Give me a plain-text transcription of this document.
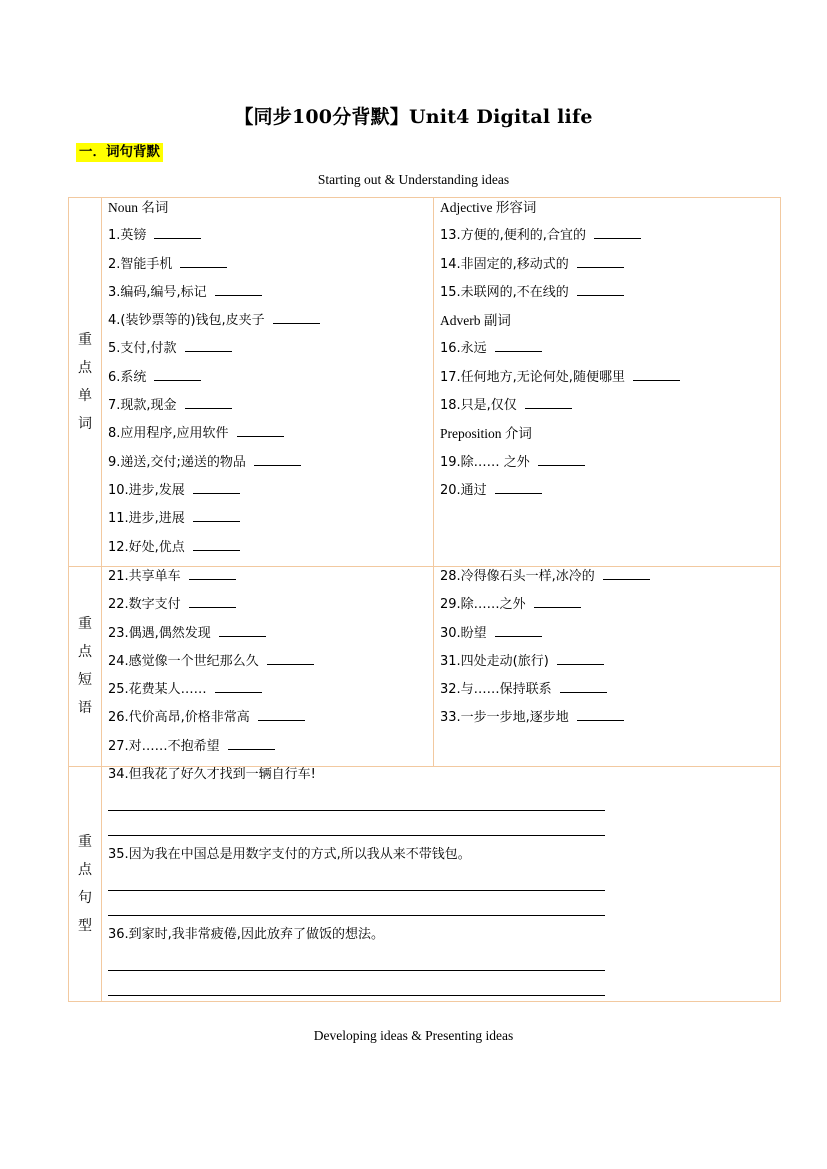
【同步100分背默】Unit4 Digital life
一．词句背默
Starting out & Understanding ideas
重
点
单
词
重
点
短
语
重
点
句
型
Noun 名词
1.英镑
2.智能手机
3.编码,编号,标记
4.(装钞票等的)钱包,皮夹子
5.支付,付款
6.系统
7.现款,现金
8.应用程序,应用软件
9.递送,交付;递送的物品
10.进步,发展
11.进步,进展
12.好处,优点
Adjective 形容词
13.方便的,便利的,合宜的
14.非固定的,移动式的
15.未联网的,不在线的
Adverb 副词
16.永远
17.任何地方,无论何处,随便哪里
18.只是,仅仅
Preposition 介词
19.除…… 之外
20.通过
21.共享单车
22.数字支付
23.偶遇,偶然发现
24.感觉像一个世纪那么久
25.花费某人……
26.代价高昂,价格非常高
27.对……不抱希望
28.冷得像石头一样,冰冷的
29.除……之外
30.盼望
31.四处走动(旅行)
32.与……保持联系
33.一步一步地,逐步地
34.但我花了好久才找到一辆自行车!
35.因为我在中国总是用数字支付的方式,所以我从来不带钱包。
36.到家时,我非常疲倦,因此放弃了做饭的想法。
Developing ideas & Presenting ideas
